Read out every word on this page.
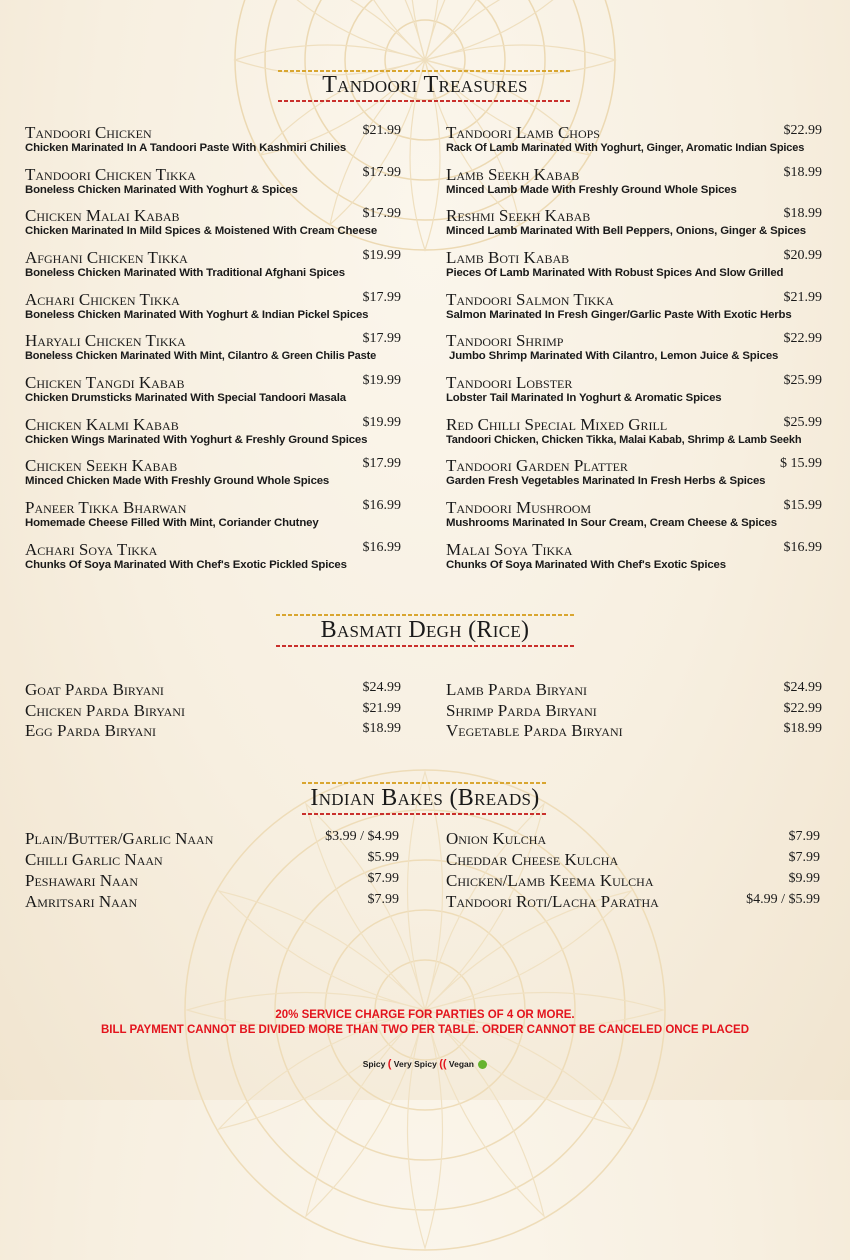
Tandoori Treasures
Tandoori Chicken	$21.99
Chicken Marinated In A Tandoori Paste With Kashmiri Chilies
Tandoori Chicken Tikka	$17.99
Boneless Chicken Marinated With Yoghurt & Spices
Chicken Malai Kabab	$17.99
Chicken Marinated In Mild Spices & Moistened With Cream Cheese
Afghani Chicken Tikka	$19.99
Boneless Chicken Marinated With Traditional Afghani Spices
Achari Chicken Tikka	$17.99
Boneless Chicken Marinated With Yoghurt & Indian Pickel Spices
Haryali Chicken Tikka	$17.99
Boneless Chicken Marinated With Mint, Cilantro & Green Chilis Paste
Chicken Tangdi Kabab	$19.99
Chicken Drumsticks Marinated With Special Tandoori Masala
Chicken Kalmi Kabab	$19.99
Chicken Wings Marinated With Yoghurt & Freshly Ground Spices
Chicken Seekh Kabab	$17.99
Minced Chicken Made With Freshly Ground Whole Spices
Paneer Tikka Bharwan	$16.99
Homemade Cheese Filled With Mint, Coriander Chutney
Achari Soya Tikka	$16.99
Chunks Of Soya Marinated With Chef's Exotic Pickled Spices
Tandoori Lamb Chops	$22.99
Rack Of Lamb Marinated With Yoghurt, Ginger, Aromatic Indian Spices
Lamb Seekh Kabab	$18.99
Minced Lamb Made With Freshly Ground Whole Spices
Reshmi Seekh Kabab	$18.99
Minced Lamb Marinated With Bell Peppers, Onions, Ginger & Spices
Lamb Boti Kabab	$20.99
Pieces Of Lamb Marinated With Robust Spices And Slow Grilled
Tandoori Salmon Tikka	$21.99
Salmon Marinated In Fresh Ginger/Garlic Paste With Exotic Herbs
Tandoori Shrimp	$22.99
Jumbo Shrimp Marinated With Cilantro, Lemon Juice & Spices
Tandoori Lobster	$25.99
Lobster Tail Marinated In Yoghurt & Aromatic Spices
Red Chilli Special Mixed Grill	$25.99
Tandoori Chicken, Chicken Tikka, Malai Kabab, Shrimp & Lamb Seekh
Tandoori Garden Platter	$ 15.99
Garden Fresh Vegetables Marinated In Fresh Herbs & Spices
Tandoori Mushroom	$15.99
Mushrooms Marinated In Sour Cream, Cream Cheese & Spices
Malai Soya Tikka	$16.99
Chunks Of Soya Marinated With Chef's Exotic Spices
Basmati Degh (Rice)
Goat Parda Biryani	$24.99
Chicken Parda Biryani	$21.99
Egg Parda Biryani	$18.99
Lamb Parda Biryani	$24.99
Shrimp Parda Biryani	$22.99
Vegetable Parda Biryani	$18.99
Indian Bakes (Breads)
Plain/Butter/Garlic Naan	$3.99 / $4.99
Chilli Garlic Naan	$5.99
Peshawari Naan	$7.99
Amritsari Naan	$7.99
Onion Kulcha	$7.99
Cheddar Cheese Kulcha	$7.99
Chicken/Lamb Keema Kulcha	$9.99
Tandoori Roti/Lacha Paratha	$4.99 / $5.99
20% SERVICE CHARGE FOR PARTIES OF 4 OR MORE.
BILL PAYMENT CANNOT BE DIVIDED MORE THAN TWO PER TABLE. ORDER CANNOT BE CANCELED ONCE PLACED
Spicy ( Very Spicy (( Vegan
